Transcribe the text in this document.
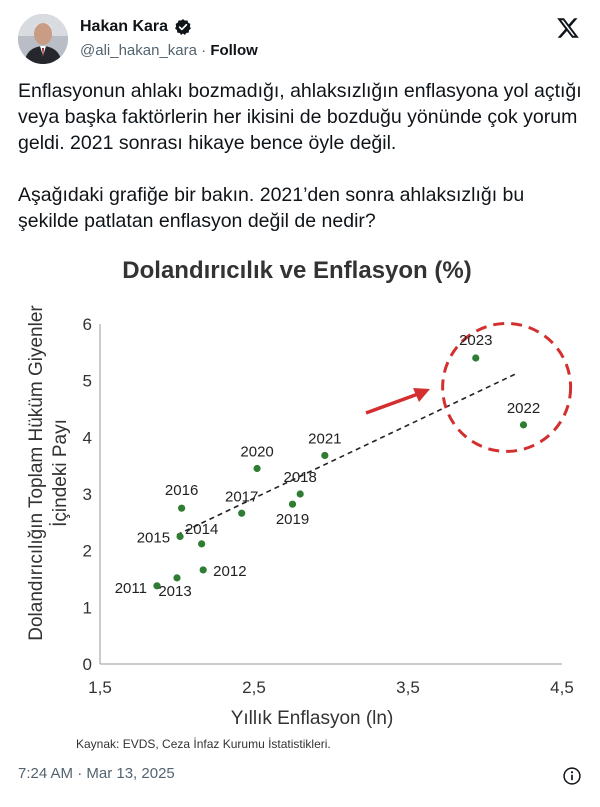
Hakan Kara
@ali_hakan_kara · Follow

Enflasyonun ahlakı bozmadığı, ahlaksızlığın enflasyona yol açtığı veya başka faktörlerin her ikisini de bozduğu yönünde çok yorum geldi. 2021 sonrası hikaye bence öyle değil.

Aşağıdaki grafiğe bir bakın. 2021’den sonra ahlaksızlığı bu şekilde patlatan enflasyon değil de nedir?

Dolandırıcılık ve Enflasyon (%)
Dolandırıcılığın Toplam Hüküm Giyenler İçindeki Payı
Yıllık Enflasyon (ln)
Kaynak: EVDS, Ceza İnfaz Kurumu İstatistikleri.
0
1
2
3
4
5
6
1,5	2,5	3,5	4,5
2011
2012
2013
2014
2015
2016 2017
2018
2019
2020
2021
2022
2023
7:24 AM · Mar 13, 2025
